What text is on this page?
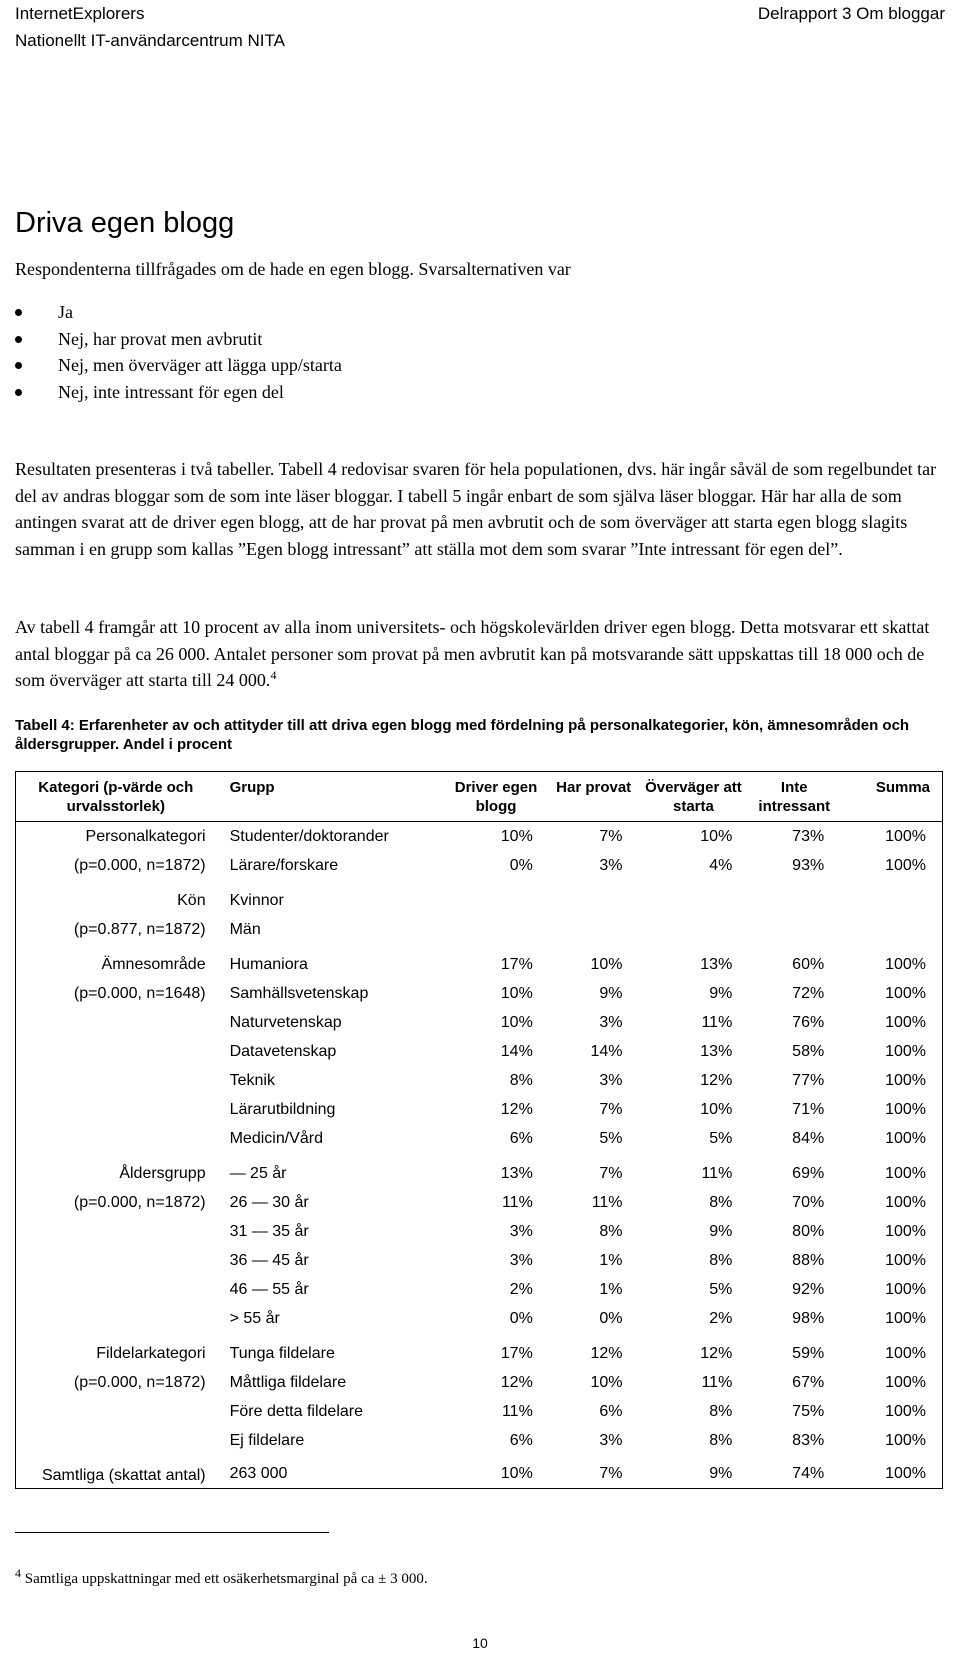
InternetExplorers
Nationellt IT-användarcentrum NITA
Delrapport 3 Om bloggar
Driva egen blogg
Respondenterna tillfrågades om de hade en egen blogg. Svarsalternativen var
Ja
Nej, har provat men avbrutit
Nej, men överväger att lägga upp/starta
Nej, inte intressant för egen del

Resultaten presenteras i två tabeller. Tabell 4 redovisar svaren för hela populationen, dvs. här ingår såväl de som regelbundet tar del av andras bloggar som de som inte läser bloggar. I tabell 5 ingår enbart de som själva läser bloggar. Här har alla de som antingen svarat att de driver egen blogg, att de har provat på men avbrutit och de som överväger att starta egen blogg slagits samman i en grupp som kallas ”Egen blogg intressant” att ställa mot dem som svarar ”Inte intressant för egen del”.

Av tabell 4 framgår att 10 procent av alla inom universitets- och högskolevärlden driver egen blogg. Detta motsvarar ett skattat antal bloggar på ca 26 000. Antalet personer som provat på men avbrutit kan på motsvarande sätt uppskattas till 18 000 och de som överväger att starta till 24 000.$^4$

Tabell 4: Erfarenheter av och attityder till att driva egen blogg med fördelning på personalkategorier, kön, ämnesområden och åldersgrupper. Andel i procent
Kategori (p-värde och urvalsstorlek)	Grupp	Driver egen blogg	Har provat	Överväger att starta	Inte intressant	Summa
Personalkategori	Studenter/doktorander	10%	7%	10%	73%	100%
(p=0.000, n=1872)	Lärare/forskare	0%	3%	4%	93%	100%

Kön	Kvinnor					
(p=0.877, n=1872)	Män					

Ämnesområde	Humaniora	17%	10%	13%	60%	100%
(p=0.000, n=1648)	Samhällsvetenskap	10%	9%	9%	72%	100%
	Naturvetenskap	10%	3%	11%	76%	100%
	Datavetenskap	14%	14%	13%	58%	100%
	Teknik	8%	3%	12%	77%	100%
	Lärarutbildning	12%	7%	10%	71%	100%
	Medicin/Vård	6%	5%	5%	84%	100%

Åldersgrupp	— 25 år	13%	7%	11%	69%	100%
(p=0.000, n=1872)	26 — 30 år	11%	11%	8%	70%	100%
	31 — 35 år	3%	8%	9%	80%	100%
	36 — 45 år	3%	1%	8%	88%	100%
	46 — 55 år	2%	1%	5%	92%	100%
	> 55 år	0%	0%	2%	98%	100%

Fildelarkategori	Tunga fildelare	17%	12%	12%	59%	100%
(p=0.000, n=1872)	Måttliga fildelare	12%	10%	11%	67%	100%
	Före detta fildelare	11%	6%	8%	75%	100%
	Ej fildelare	6%	3%	8%	83%	100%

Samtliga (skattat antal)	263 000	10%	7%	9%	74%	100%
$^4$ Samtliga uppskattningar med ett osäkerhetsmarginal på ca ± 3 000.
10
